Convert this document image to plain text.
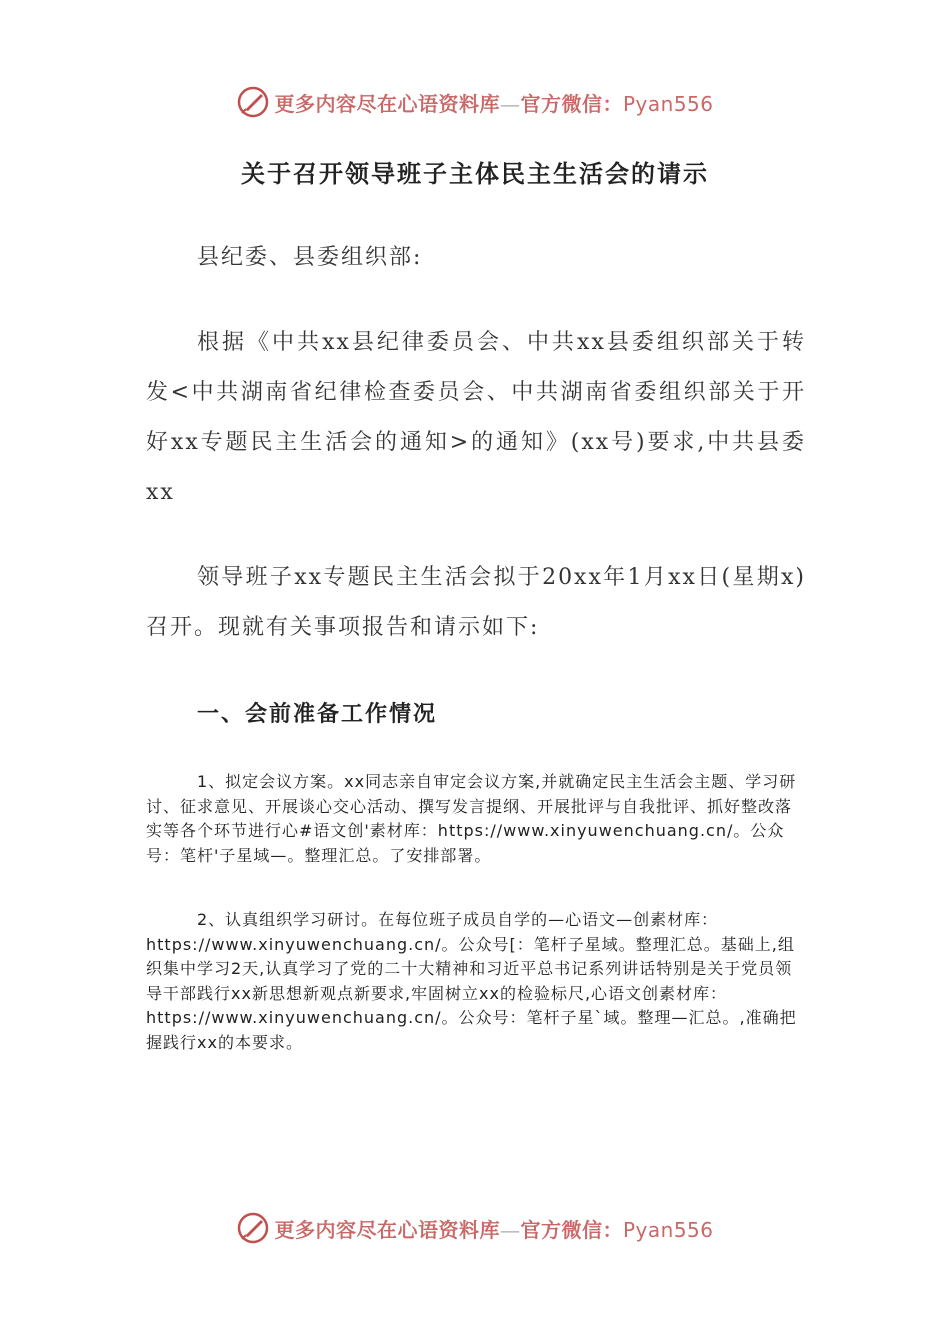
更多内容尽在心语资料库—官方微信：Pyan556
关于召开领导班子主体民主生活会的请示
县纪委、县委组织部:
根据《中共xx县纪律委员会、中共xx县委组织部关于转发<中共湖南省纪律检查委员会、中共湖南省委组织部关于开好xx专题民主生活会的通知>的通知》(xx号)要求,中共县委xx
领导班子xx专题民主生活会拟于20xx年1月xx日(星期x)召开。现就有关事项报告和请示如下:
一、会前准备工作情况
1、拟定会议方案。xx同志亲自审定会议方案,并就确定民主生活会主题、学习研讨、征求意见、开展谈心交心活动、撰写发言提纲、开展批评与自我批评、抓好整改落实等各个环节进行心#语文创'素材库：https://www.xinyuwenchuang.cn/。公众号：笔杆'子星域—。整理汇总。了安排部署。
2、认真组织学习研讨。在每位班子成员自学的—心语文—创素材库：https://www.xinyuwenchuang.cn/。公众号[：笔杆子星域。整理汇总。基础上,组织集中学习2天,认真学习了党的二十大精神和习近平总书记系列讲话特别是关于党员领导干部践行xx新思想新观点新要求,牢固树立xx的检验标尺,心语文创素材库：https://www.xinyuwenchuang.cn/。公众号：笔杆子星`域。整理—汇总。,准确把握践行xx的本要求。
更多内容尽在心语资料库—官方微信：Pyan556
